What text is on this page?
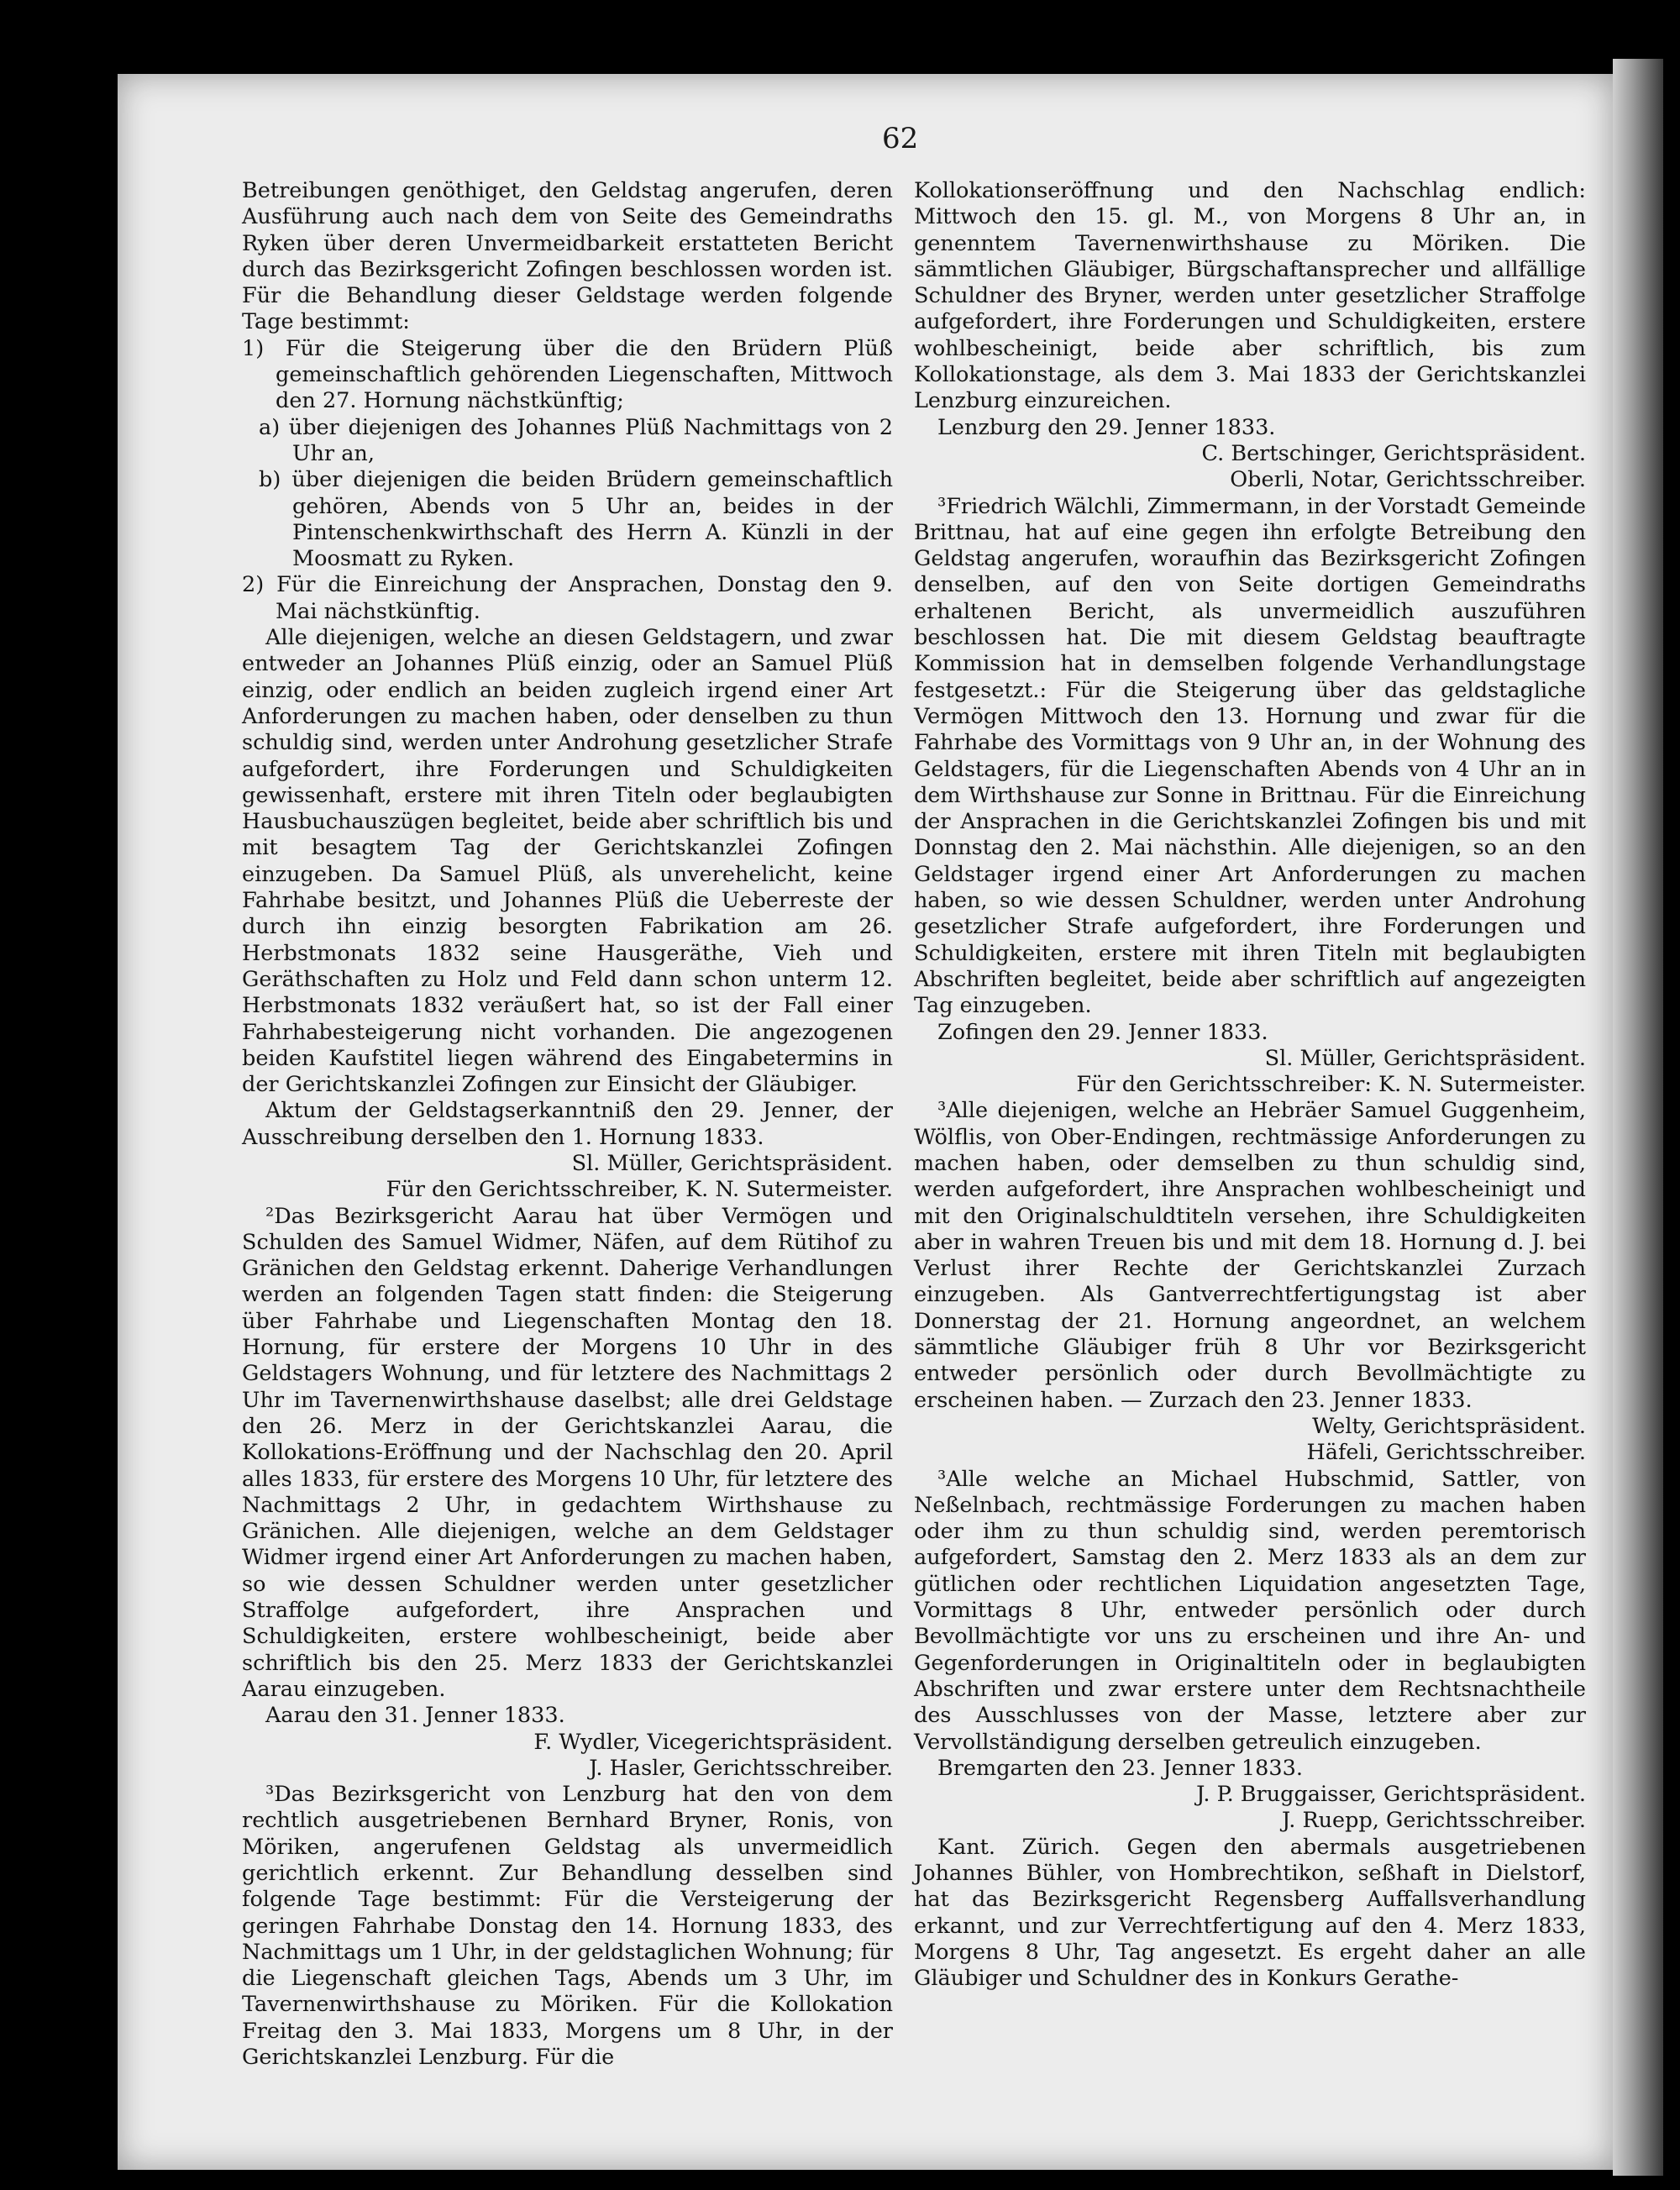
62

Betreibungen genöthiget, den Geldstag angerufen, deren Ausführung auch nach dem von Seite des Gemeindraths Ryken über deren Unvermeidbarkeit erstatteten Bericht durch das Bezirksgericht Zofingen beschlossen worden ist. Für die Behandlung dieser Geldstage werden folgende Tage bestimmt:

1) Für die Steigerung über die den Brüdern Plüß gemeinschaftlich gehörenden Liegenschaften, Mittwoch den 27. Hornung nächstkünftig;

a) über diejenigen des Johannes Plüß Nachmittags von 2 Uhr an,

b) über diejenigen die beiden Brüdern gemeinschaftlich gehören, Abends von 5 Uhr an, beides in der Pintenschenkwirthschaft des Herrn A. Künzli in der Moosmatt zu Ryken.

2) Für die Einreichung der Ansprachen, Donstag den 9. Mai nächstkünftig.

Alle diejenigen, welche an diesen Geldstagern, und zwar entweder an Johannes Plüß einzig, oder an Samuel Plüß einzig, oder endlich an beiden zugleich irgend einer Art Anforderungen zu machen haben, oder denselben zu thun schuldig sind, werden unter Androhung gesetzlicher Strafe aufgefordert, ihre Forderungen und Schuldigkeiten gewissenhaft, erstere mit ihren Titeln oder beglaubigten Hausbuchauszügen begleitet, beide aber schriftlich bis und mit besagtem Tag der Gerichtskanzlei Zofingen einzugeben. Da Samuel Plüß, als unverehelicht, keine Fahrhabe besitzt, und Johannes Plüß die Ueberreste der durch ihn einzig besorgten Fabrikation am 26. Herbstmonats 1832 seine Hausgeräthe, Vieh und Geräthschaften zu Holz und Feld dann schon unterm 12. Herbstmonats 1832 veräußert hat, so ist der Fall einer Fahrhabesteigerung nicht vorhanden. Die angezogenen beiden Kaufstitel liegen während des Eingabetermins in der Gerichtskanzlei Zofingen zur Einsicht der Gläubiger.

Aktum der Geldstagserkanntniß den 29. Jenner, der Ausschreibung derselben den 1. Hornung 1833.

Sl. Müller, Gerichtspräsident.

Für den Gerichtsschreiber, K. N. Sutermeister.

²Das Bezirksgericht Aarau hat über Vermögen und Schulden des Samuel Widmer, Näfen, auf dem Rütihof zu Gränichen den Geldstag erkennt. Daherige Verhandlungen werden an folgenden Tagen statt finden: die Steigerung über Fahrhabe und Liegenschaften Montag den 18. Hornung, für erstere der Morgens 10 Uhr in des Geldstagers Wohnung, und für letztere des Nachmittags 2 Uhr im Tavernenwirthshause daselbst; alle drei Geldstage den 26. Merz in der Gerichtskanzlei Aarau, die Kollokations-Eröffnung und der Nachschlag den 20. April alles 1833, für erstere des Morgens 10 Uhr, für letztere des Nachmittags 2 Uhr, in gedachtem Wirthshause zu Gränichen. Alle diejenigen, welche an dem Geldstager Widmer irgend einer Art Anforderungen zu machen haben, so wie dessen Schuldner werden unter gesetzlicher Straffolge aufgefordert, ihre Ansprachen und Schuldigkeiten, erstere wohlbescheinigt, beide aber schriftlich bis den 25. Merz 1833 der Gerichtskanzlei Aarau einzugeben.

Aarau den 31. Jenner 1833.

F. Wydler, Vicegerichtspräsident.

J. Hasler, Gerichtsschreiber.

³Das Bezirksgericht von Lenzburg hat den von dem rechtlich ausgetriebenen Bernhard Bryner, Ronis, von Möriken, angerufenen Geldstag als unvermeidlich gerichtlich erkennt. Zur Behandlung desselben sind folgende Tage bestimmt: Für die Versteigerung der geringen Fahrhabe Donstag den 14. Hornung 1833, des Nachmittags um 1 Uhr, in der geldstaglichen Wohnung; für die Liegenschaft gleichen Tags, Abends um 3 Uhr, im Tavernenwirthshause zu Möriken. Für die Kollokation Freitag den 3. Mai 1833, Morgens um 8 Uhr, in der Gerichtskanzlei Lenzburg. Für die

Kollokationseröffnung und den Nachschlag endlich: Mittwoch den 15. gl. M., von Morgens 8 Uhr an, in genenntem Tavernenwirthshause zu Möriken. Die sämmtlichen Gläubiger, Bürgschaftansprecher und allfällige Schuldner des Bryner, werden unter gesetzlicher Straffolge aufgefordert, ihre Forderungen und Schuldigkeiten, erstere wohlbescheinigt, beide aber schriftlich, bis zum Kollokationstage, als dem 3. Mai 1833 der Gerichtskanzlei Lenzburg einzureichen.

Lenzburg den 29. Jenner 1833.

C. Bertschinger, Gerichtspräsident.

Oberli, Notar, Gerichtsschreiber.

³Friedrich Wälchli, Zimmermann, in der Vorstadt Gemeinde Brittnau, hat auf eine gegen ihn erfolgte Betreibung den Geldstag angerufen, woraufhin das Bezirksgericht Zofingen denselben, auf den von Seite dortigen Gemeindraths erhaltenen Bericht, als unvermeidlich auszuführen beschlossen hat. Die mit diesem Geldstag beauftragte Kommission hat in demselben folgende Verhandlungstage festgesetzt.: Für die Steigerung über das geldstagliche Vermögen Mittwoch den 13. Hornung und zwar für die Fahrhabe des Vormittags von 9 Uhr an, in der Wohnung des Geldstagers, für die Liegenschaften Abends von 4 Uhr an in dem Wirthshause zur Sonne in Brittnau. Für die Einreichung der Ansprachen in die Gerichtskanzlei Zofingen bis und mit Donnstag den 2. Mai nächsthin. Alle diejenigen, so an den Geldstager irgend einer Art Anforderungen zu machen haben, so wie dessen Schuldner, werden unter Androhung gesetzlicher Strafe aufgefordert, ihre Forderungen und Schuldigkeiten, erstere mit ihren Titeln mit beglaubigten Abschriften begleitet, beide aber schriftlich auf angezeigten Tag einzugeben.

Zofingen den 29. Jenner 1833.

Sl. Müller, Gerichtspräsident.

Für den Gerichtsschreiber: K. N. Sutermeister.

³Alle diejenigen, welche an Hebräer Samuel Guggenheim, Wölflis, von Ober-Endingen, rechtmässige Anforderungen zu machen haben, oder demselben zu thun schuldig sind, werden aufgefordert, ihre Ansprachen wohlbescheinigt und mit den Originalschuldtiteln versehen, ihre Schuldigkeiten aber in wahren Treuen bis und mit dem 18. Hornung d. J. bei Verlust ihrer Rechte der Gerichtskanzlei Zurzach einzugeben. Als Gantverrechtfertigungstag ist aber Donnerstag der 21. Hornung angeordnet, an welchem sämmtliche Gläubiger früh 8 Uhr vor Bezirksgericht entweder persönlich oder durch Bevollmächtigte zu erscheinen haben. — Zurzach den 23. Jenner 1833.

Welty, Gerichtspräsident.

Häfeli, Gerichtsschreiber.

³Alle welche an Michael Hubschmid, Sattler, von Neßelnbach, rechtmässige Forderungen zu machen haben oder ihm zu thun schuldig sind, werden peremtorisch aufgefordert, Samstag den 2. Merz 1833 als an dem zur gütlichen oder rechtlichen Liquidation angesetzten Tage, Vormittags 8 Uhr, entweder persönlich oder durch Bevollmächtigte vor uns zu erscheinen und ihre An- und Gegenforderungen in Originaltiteln oder in beglaubigten Abschriften und zwar erstere unter dem Rechtsnachtheile des Ausschlusses von der Masse, letztere aber zur Vervollständigung derselben getreulich einzugeben.

Bremgarten den 23. Jenner 1833.

J. P. Bruggaisser, Gerichtspräsident.

J. Ruepp, Gerichtsschreiber.

Kant. Zürich. Gegen den abermals ausgetriebenen Johannes Bühler, von Hombrechtikon, seßhaft in Dielstorf, hat das Bezirksgericht Regensberg Auffallsverhandlung erkannt, und zur Verrechtfertigung auf den 4. Merz 1833, Morgens 8 Uhr, Tag angesetzt. Es ergeht daher an alle Gläubiger und Schuldner des in Konkurs Gerathe-
